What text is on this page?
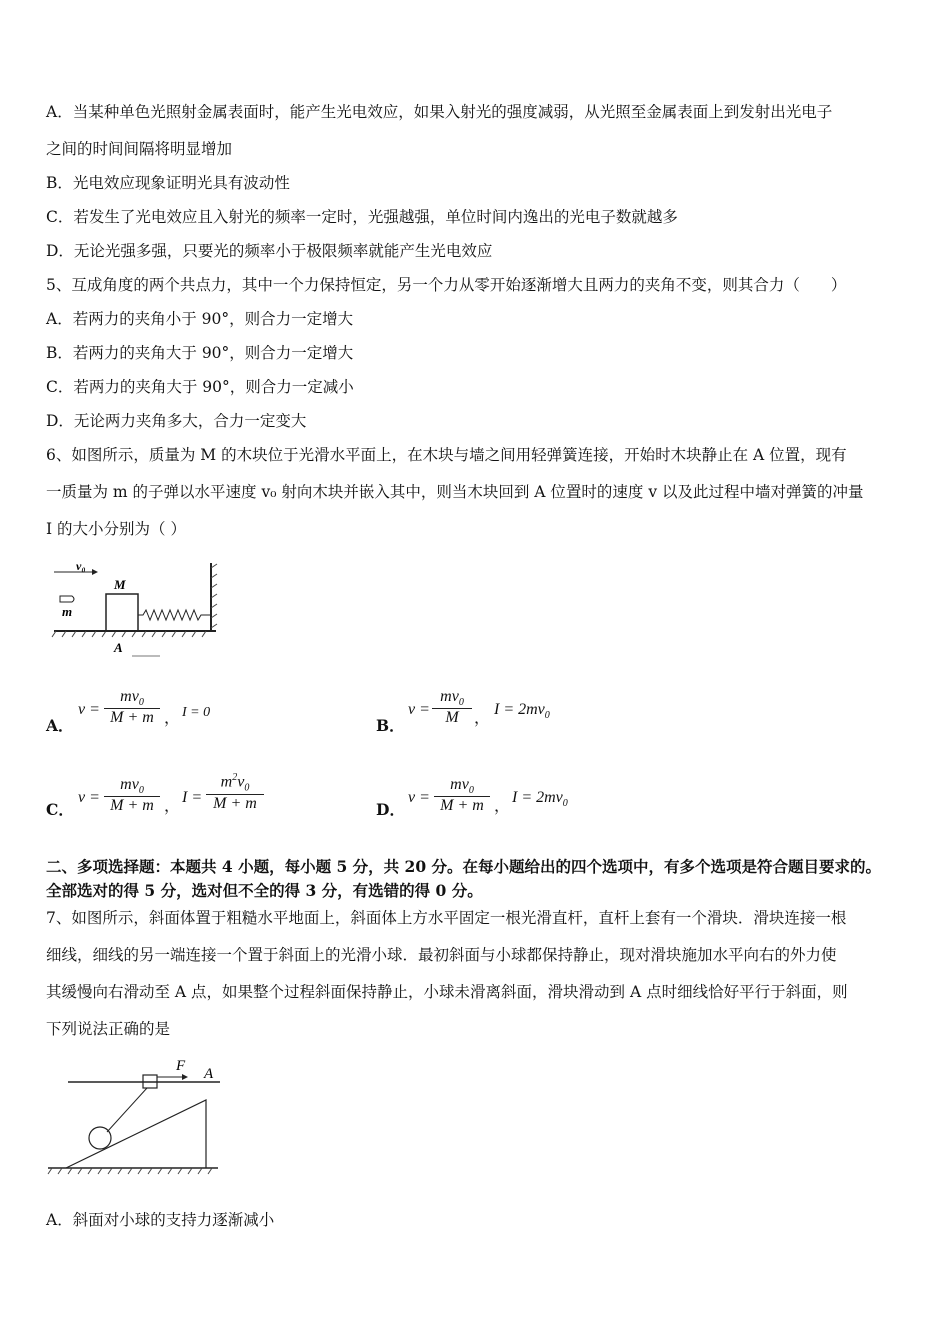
A．当某种单色光照射金属表面时，能产生光电效应，如果入射光的强度减弱，从光照至金属表面上到发射出光电子
之间的时间间隔将明显增加
B．光电效应现象证明光具有波动性
C．若发生了光电效应且入射光的频率一定时，光强越强，单位时间内逸出的光电子数就越多
D．无论光强多强，只要光的频率小于极限频率就能产生光电效应
5、互成角度的两个共点力，其中一个力保持恒定，另一个力从零开始逐渐增大且两力的夹角不变，则其合力（　　）
A．若两力的夹角小于 90°，则合力一定增大
B．若两力的夹角大于 90°，则合力一定增大
C．若两力的夹角大于 90°，则合力一定减小
D．无论两力夹角多大，合力一定变大
6、如图所示，质量为 M 的木块位于光滑水平面上，在木块与墙之间用轻弹簧连接，开始时木块静止在 A 位置，现有
一质量为 m 的子弹以水平速度 v₀ 射向木块并嵌入其中，则当木块回到 A 位置时的速度 v 以及此过程中墙对弹簧的冲量
I 的大小分别为（ ）
v₀
M
m
A
A．
v =
$mv_0$
M + m ， I = 0
B．
v =
$mv_0$
M ，
$I = 2mv_0$
C．
v =
$mv_0$
M + m ，
I =
$m^2v_0$
M + m	D．
v =
$mv_0$
M + m ，
$I = 2mv_0$
二、多项选择题：本题共 4 小题，每小题 5 分，共 20 分。在每小题给出的四个选项中，有多个选项是符合题目要求的。
全部选对的得 5 分，选对但不全的得 3 分，有选错的得 0 分。
7、如图所示，斜面体置于粗糙水平地面上，斜面体上方水平固定一根光滑直杆，直杆上套有一个滑块．滑块连接一根
细线，细线的另一端连接一个置于斜面上的光滑小球．最初斜面与小球都保持静止，现对滑块施加水平向右的外力使
其缓慢向右滑动至 A 点，如果整个过程斜面保持静止，小球未滑离斜面，滑块滑动到 A 点时细线恰好平行于斜面，则
下列说法正确的是
F A
A．斜面对小球的支持力逐渐减小
